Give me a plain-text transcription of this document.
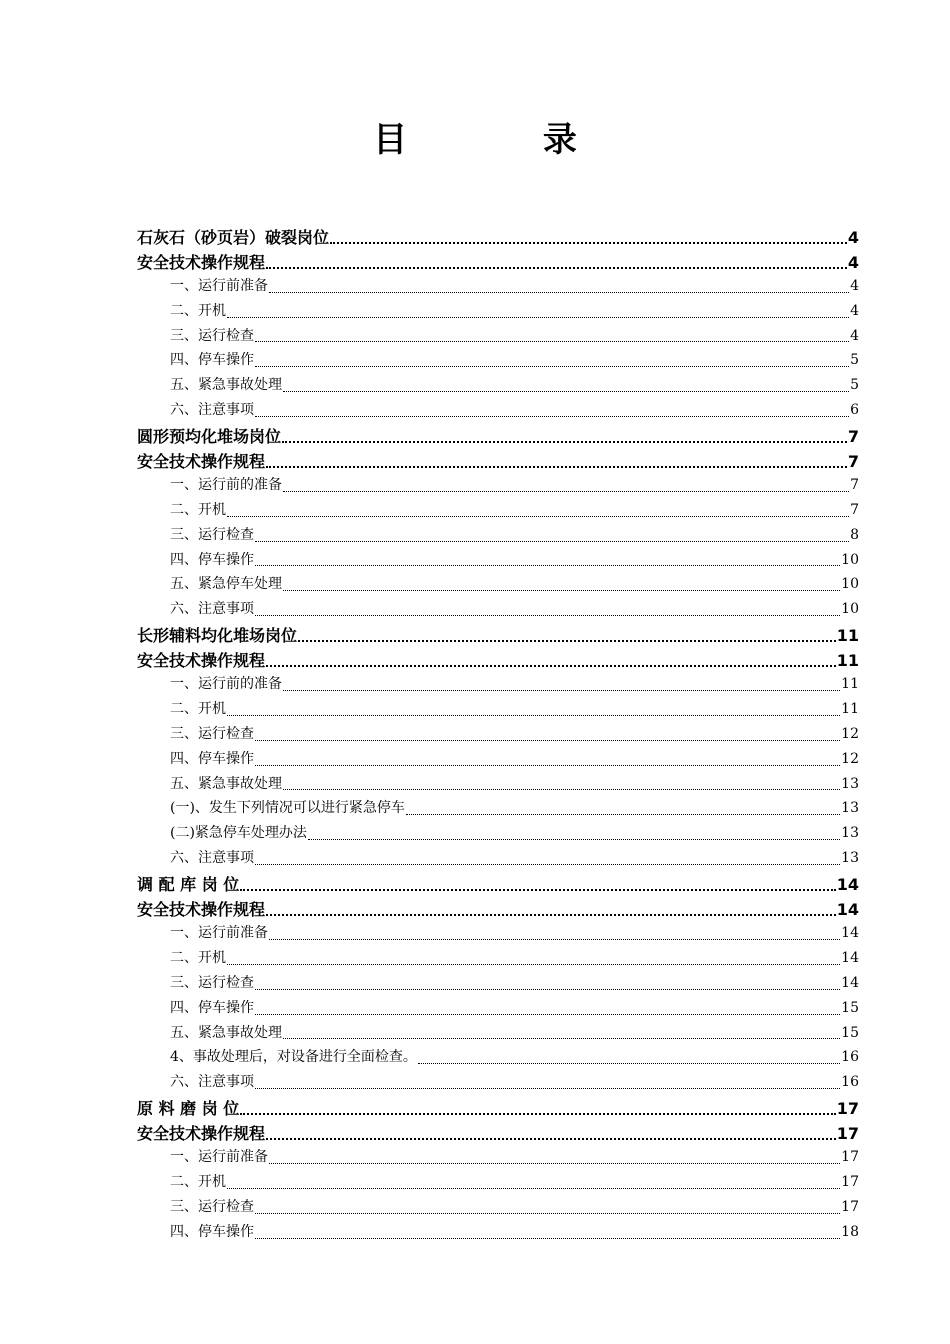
目 录
石灰石（砂页岩）破裂岗位	4
安全技术操作规程	4
一、运行前准备	4
二、开机	4
三、运行检查	4
四、停车操作	5
五、紧急事故处理	5
六、注意事项	6
圆形预均化堆场岗位	7
安全技术操作规程	7
一、运行前的准备	7
二、开机	7
三、运行检查	8
四、停车操作	10
五、紧急停车处理	10
六、注意事项	10
长形辅料均化堆场岗位	11
安全技术操作规程	11
一、运行前的准备	11
二、开机	11
三、运行检查	12
四、停车操作	12
五、紧急事故处理	13
(一)、发生下列情况可以进行紧急停车	13
(二)紧急停车处理办法	13
六、注意事项	13
调 配 库 岗 位	14
安全技术操作规程	14
一、运行前准备	14
二、开机	14
三、运行检查	14
四、停车操作	15
五、紧急事故处理	15
4、事故处理后，对设备进行全面检查。	16
六、注意事项	16
原 料 磨 岗 位	17
安全技术操作规程	17
一、运行前准备	17
二、开机	17
三、运行检查	17
四、停车操作	18
